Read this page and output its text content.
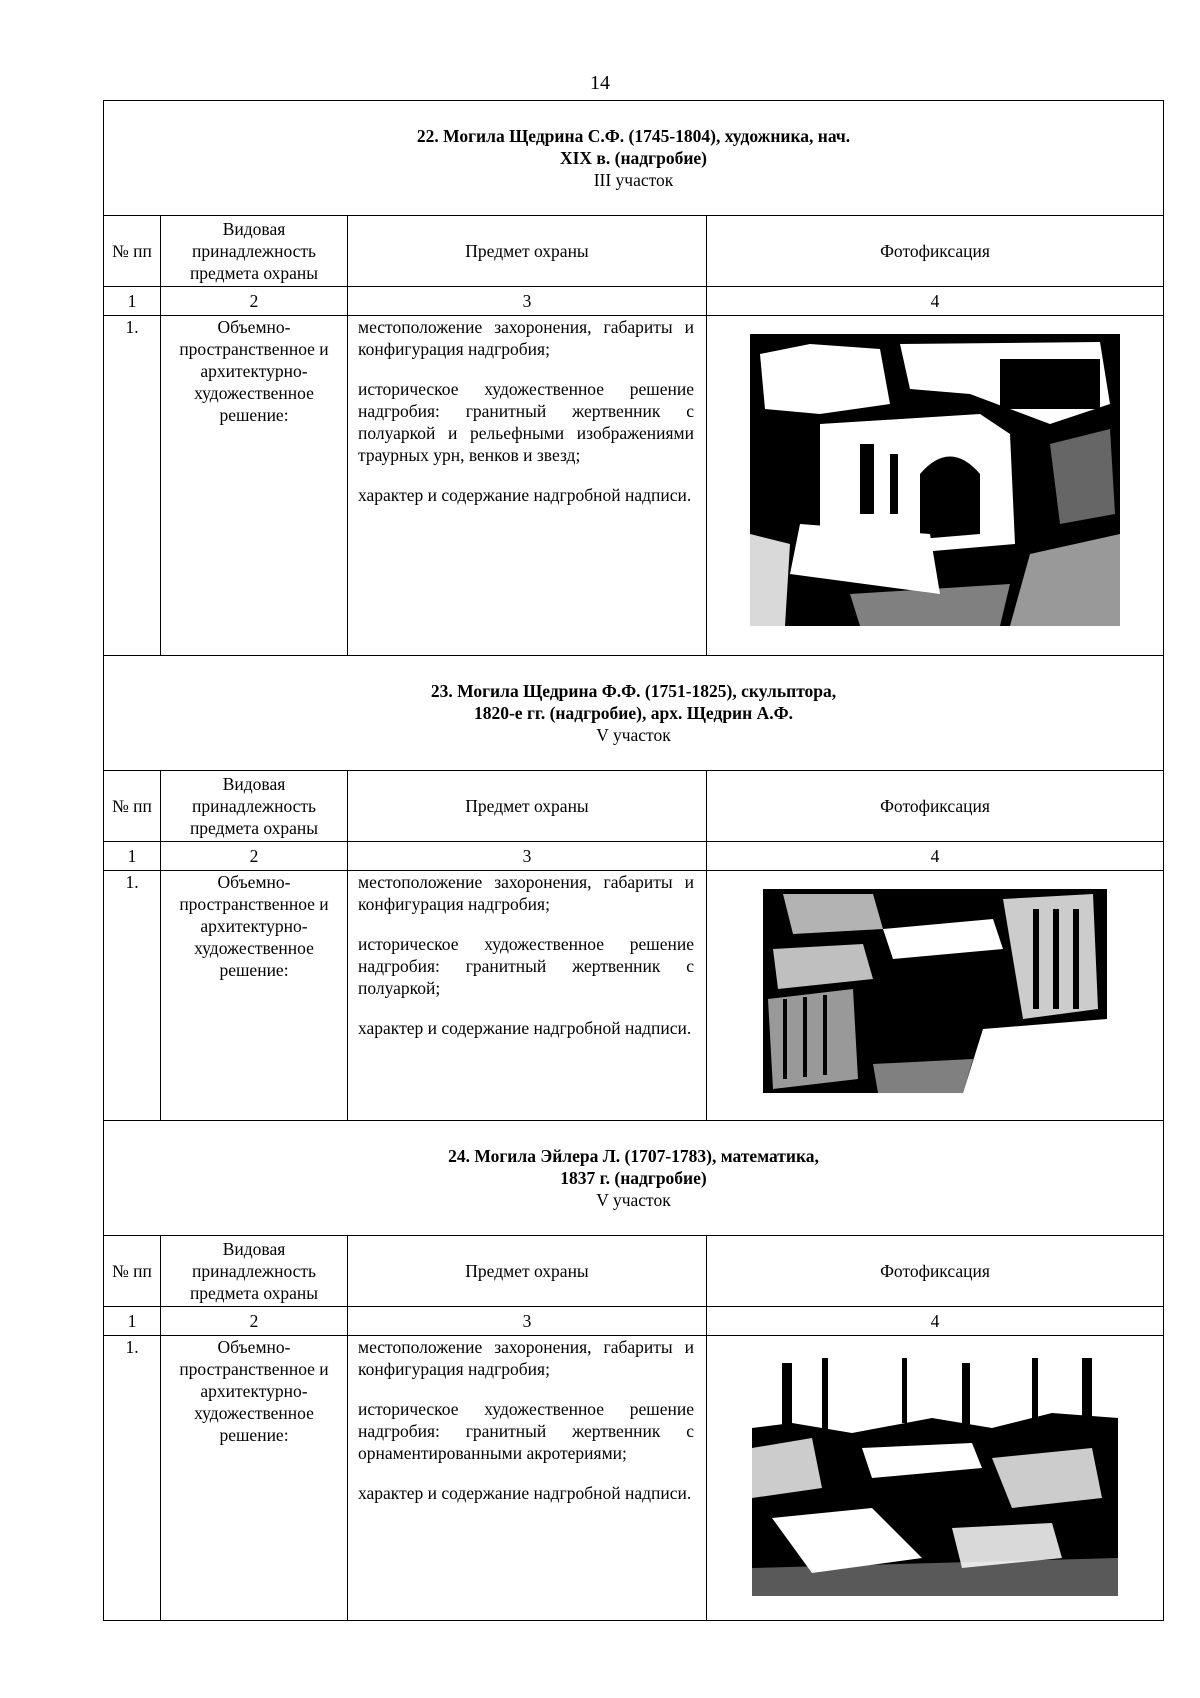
14
22. Могила Щедрина С.Ф. (1745-1804), художника, нач.
XIX в. (надгробие)
III участок			

№ пп	Видовая принадлежность предмета охраны	Предмет охраны	Фотофиксация
1	2	3	4
1.	Объемно-пространственное и архитектурно-художественное решение:	местоположение захоронения, габариты и конфигурация надгробия;

историческое художественное решение надгробия: гранитный жертвенник с полуаркой и рельефными изображениями траурных урн, венков и звезд;

характер и содержание надгробной надписи.

23. Могила Щедрина Ф.Ф. (1751-1825), скульптора,
1820-е гг. (надгробие), арх. Щедрин А.Ф.
V участок			

№ пп	Видовая принадлежность предмета охраны	Предмет охраны	Фотофиксация
1	2	3	4
1.	Объемно-пространственное и архитектурно-художественное решение:	местоположение захоронения, габариты и конфигурация надгробия;

историческое художественное решение надгробия: гранитный жертвенник с полуаркой;

характер и содержание надгробной надписи.

24. Могила Эйлера Л. (1707-1783), математика,
1837 г. (надгробие)
V участок			

№ пп	Видовая принадлежность предмета охраны	Предмет охраны	Фотофиксация
1	2	3	4
1.	Объемно-пространственное и архитектурно-художественное решение:	местоположение захоронения, габариты и конфигурация надгробия;

историческое художественное решение надгробия: гранитный жертвенник с орнаментированными акротериями;

характер и содержание надгробной надписи.
